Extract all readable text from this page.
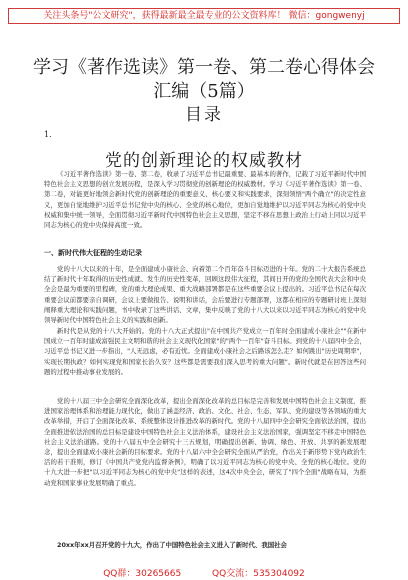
关注头条号"公文研究"，获得最新最全最专业的公文资料库！ 微信：gongwenyj
学习《著作选读》第一卷、第二卷心得体会汇编（5篇）
目录
1.
党的创新理论的权威教材
《习近平著作选读》第一卷、第二卷，收录了习近平总书记最重要、最基本的著作，记载了习近平新时代中国特色社会主义思想的创立发展历程，是深入学习贯彻党的创新理论的权威教材。学习《习近平著作选读》第一卷、第二卷，对能更好地领会新时代党的创新理论的重要意义、核心要义和实践要求，深刻领悟"两个确立"的决定性意义，更加自觉地维护习近平总书记党中央的核心、全党的核心地位，更加自觉地维护以习近平同志为核心的党中央权威和集中统一领导，全面贯彻习近平新时代中国特色社会主义思想，坚定不移在思想上政治上行动上同以习近平同志为核心的党中央保持高度一致。
一、新时代伟大征程的生动记录
党的十八大以来的十年，是全面建成小康社会、向着第二个百年奋斗目标迈进的十年。党的二十大报告系统总结了新时代十年取得的历史性成就、发生的历史性变革，回顾这段伟大征程，其间日开的党的全国代表大会和中央全会是最为重要的里程碑，党的重大理论成果、重大战略部署都是在这些重要会议上提出的。习近平总书记在每次重要会议前都要亲自调研，会议上要做报告、说明和讲话，会后要进行专题部署，这都在相应的专题研讨班上深刻阐释重大理论和实践问题，书中收录了这些讲话、文章，集中反映了党的十八大以来以习近平同志为核心的党中央领导新时代中国特色社会主义的实践和创新。
新时代是从党的十八大开始的。党的十八大正式提出"在中国共产党成立一百年时全面建成小康社会""在新中国成立一百年时建成富强民主文明和谐的社会主义现代化国家"的"两个一百年"奋斗目标。到党的十八届四中全会，习近平总书记又进一步指出，"人无远虑，必有近忧。全面建成小康社会之后路该怎么走？如何跳出"历史周期率"，实现长期执政？如何实现党和国家长治久安？这些都是需要我们深入思考的重大问题"。新时代就是在回答这些问题的过程中推动事业发展的。
党的十八届三中全会研究全面深化改革，提出全面深化改革的总目标是完善和发展中国特色社会主义制度，推进国家治理体系和治理能力现代化，做出了涵盖经济、政治、文化、社会、生态、军队、党的建设等各领域的重大改革举措，开启了全面深化改革、系统整体设计推进改革的新时代。党的十八届四中全会研究全面依法治国，提出全面推进依法治国的总目标是建设中国特色社会主义法治体系，建设社会主义法治国家，强调坚定不移走中国特色社会主义法治道路。党的十八届五中全会研究十三五规划，明确提出创新、协调、绿色、开放、共享的新发展理念，提出全面建成小康社会新的目标要求。党的十八届六中全会研究全面从严治党，作出关于新形势下党内政治生活的若干准则，修订《中国共产党党内监督条例》，明确了以习近平同志为核心的党中央、全党的核心地位。党的十九大进一步把"以习近平同志为核心的党中央"这样的表述，这4次中央全会，研究了"四个全面"战略布局，为推动党和国家事业发展明确了重点。
20xx年xx月召开党的十九大，作出了中国特色社会主义进入了新时代、我国社会
QQ群：30265665 QQ交流：535304092
